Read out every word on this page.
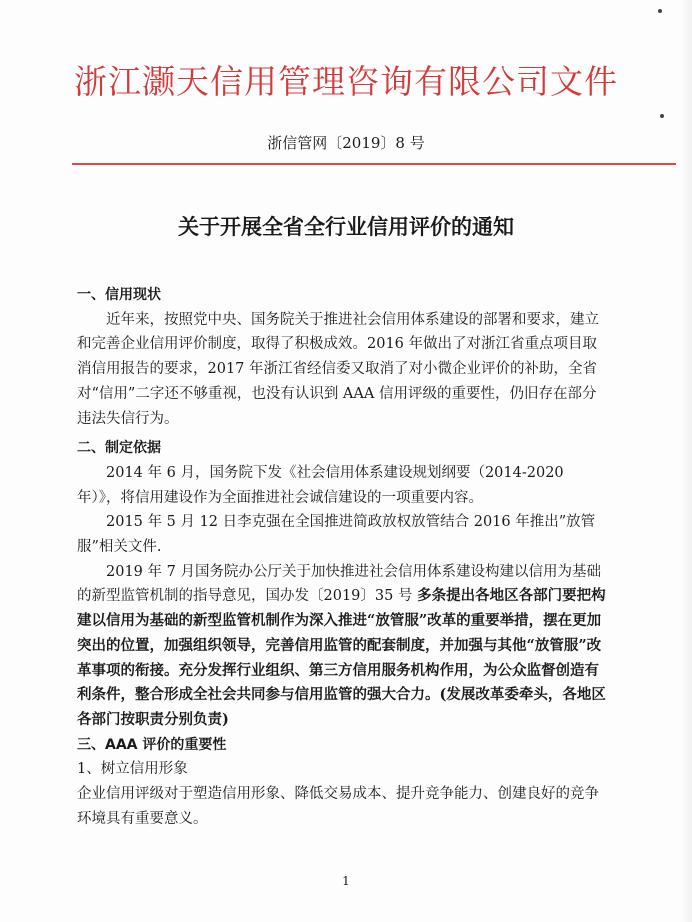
浙江灏天信用管理咨询有限公司文件
浙信管网〔2019〕8 号
关于开展全省全行业信用评价的通知

一、信用现状

近年来，按照党中央、国务院关于推进社会信用体系建设的部署和要求，建立和完善企业信用评价制度，取得了积极成效。2016 年做出了对浙江省重点项目取消信用报告的要求，2017 年浙江省经信委又取消了对小微企业评价的补助，全省对“信用”二字还不够重视，也没有认识到 AAA 信用评级的重要性，仍旧存在部分违法失信行为。

二、制定依据

2014 年 6 月，国务院下发《社会信用体系建设规划纲要（2014-2020 年）》，将信用建设作为全面推进社会诚信建设的一项重要内容。

2015 年 5 月 12 日李克强在全国推进简政放权放管结合 2016 年推出”放管服”相关文件.

2019 年 7 月国务院办公厅关于加快推进社会信用体系建设构建以信用为基础的新型监管机制的指导意见，国办发〔2019〕35 号 多条提出各地区各部门要把构建以信用为基础的新型监管机制作为深入推进“放管服”改革的重要举措，摆在更加突出的位置，加强组织领导，完善信用监管的配套制度，并加强与其他“放管服”改革事项的衔接。充分发挥行业组织、第三方信用服务机构作用，为公众监督创造有利条件，整合形成全社会共同参与信用监管的强大合力。(发展改革委牵头，各地区各部门按职责分别负责)

三、AAA 评价的重要性

1、树立信用形象

企业信用评级对于塑造信用形象、降低交易成本、提升竞争能力、创建良好的竞争环境具有重要意义。

1
